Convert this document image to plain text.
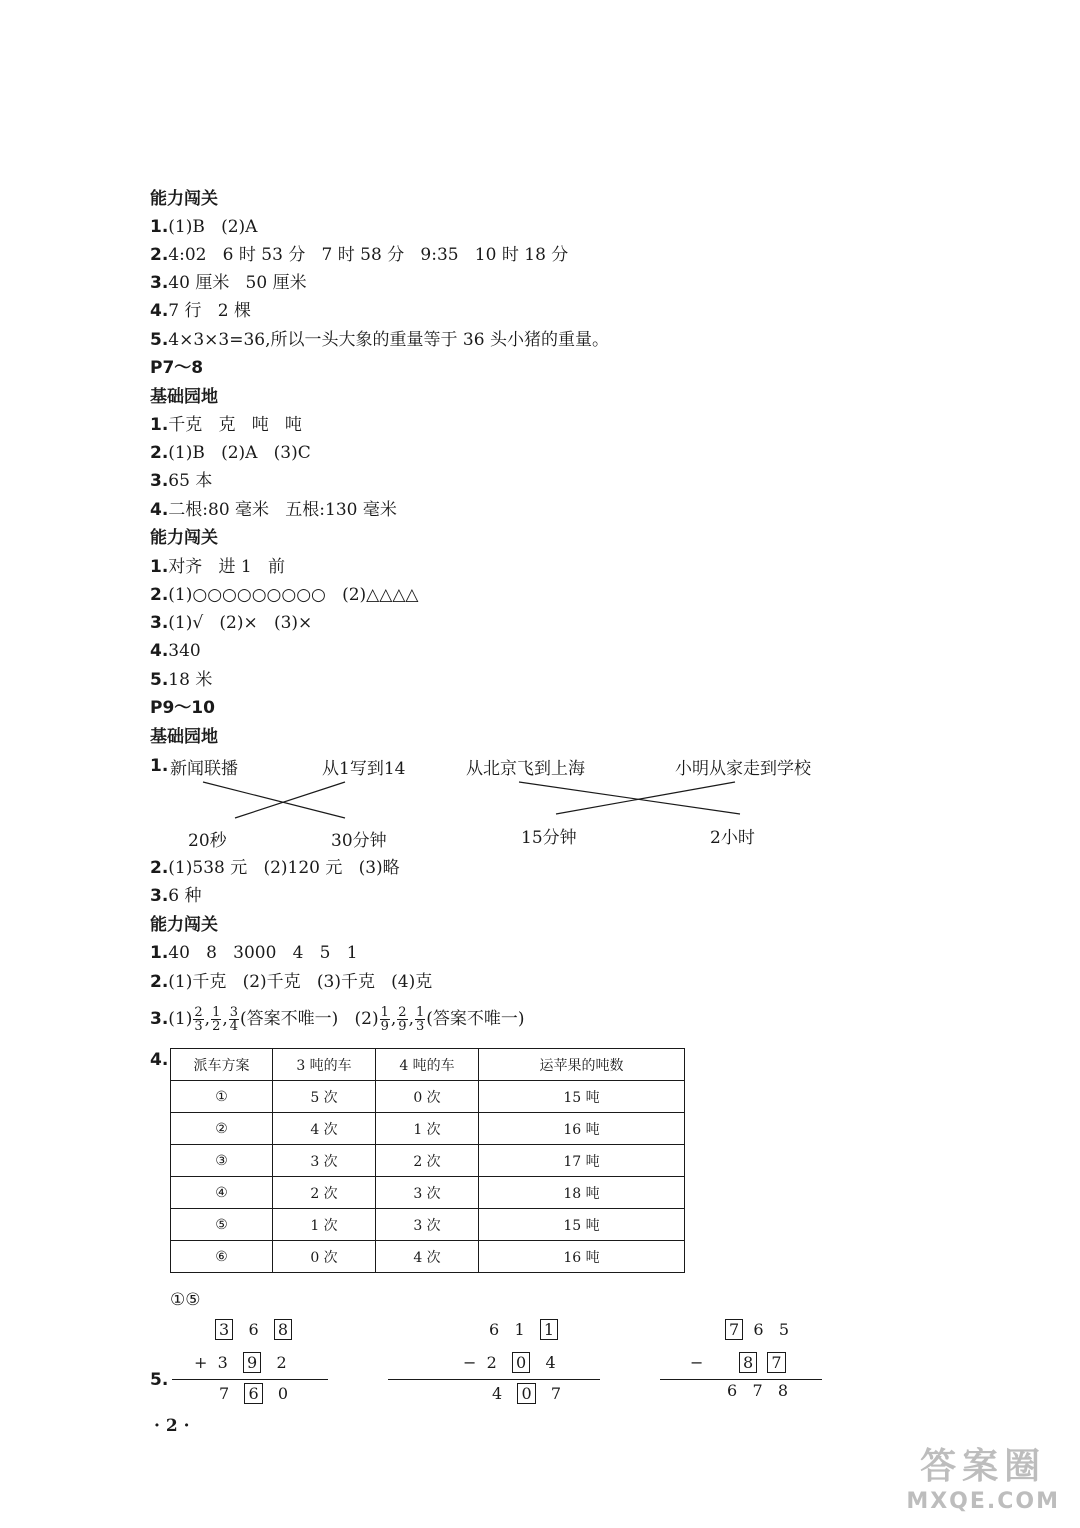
能力闯关
1.(1)B   (2)A
2.4:02   6 时 53 分   7 时 58 分   9:35   10 时 18 分
3.40 厘米   50 厘米
4.7 行   2 棵
5.4×3×3=36,所以一头大象的重量等于 36 头小猪的重量。
P7～8
基础园地
1.千克   克   吨   吨
2.(1)B   (2)A   (3)C
3.65 本
4.二根:80 毫米   五根:130 毫米
能力闯关
1.对齐   进 1   前
2.(1)○○○○○○○○○   (2)△△△△
3.(1)√   (2)×   (3)×
4.340
5.18 米
P9～10
基础园地
1. 新闻联播	从1写到14	从北京飞到上海	小明从家走到学校
20秒	30分钟	15分钟	2小时
2.(1)538 元   (2)120 元   (3)略
3.6 种
能力闯关
1.40   8   3000   4   5   1
2.(1)千克   (2)千克   (3)千克   (4)克
$3.(1) \frac{2}{3}$ , $\frac{1}{2}$ , $\frac{3}{4}$ (答案不唯一)   $(2) \frac{1}{9}$ , $\frac{2}{9}$ , $\frac{1}{3}$ (答案不唯一)
4. 派车方案	3 吨的车	4 吨的车	运苹果的吨数
①	5 次	0 次	15 吨
②	4 次	1 次	16 吨
③	3 次	2 次	17 吨
④	2 次	3 次	18 吨
⑤	1 次	3 次	15 吨
⑥	0 次	4 次	16 吨
①⑤
5.
3 6 8
+ 3 9 2
7 6 0
6 1 1
− 2 0 4
4 0 7
7 6 5
− 8 7
6 7 8
· 2 ·
答案圈
MXQE.COM
